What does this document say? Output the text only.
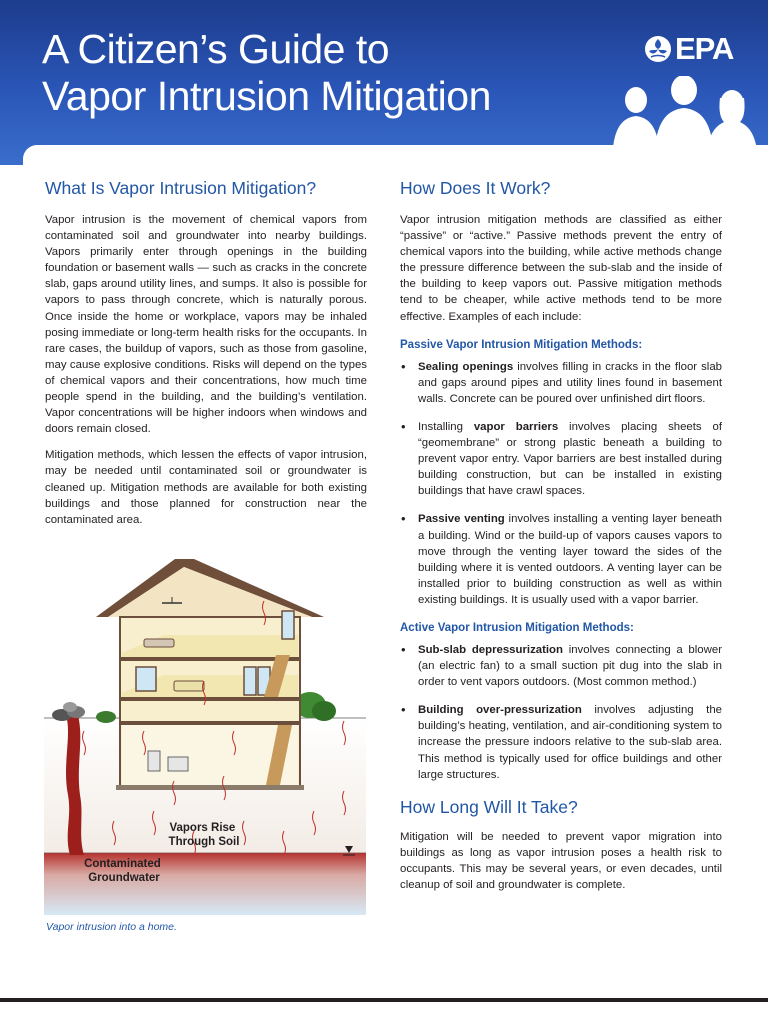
A Citizen’s Guide to
Vapor Intrusion Mitigation
EPA
What Is Vapor Intrusion Mitigation?

Vapor intrusion is the movement of chemical vapors from contaminated soil and groundwater into nearby buildings. Vapors primarily enter through openings in the building foundation or basement walls — such as cracks in the concrete slab, gaps around utility lines, and sumps. It also is possible for vapors to pass through concrete, which is naturally porous. Once inside the home or workplace, vapors may be inhaled posing immediate or long-term health risks for the occupants. In rare cases, the buildup of vapors, such as those from gasoline, may cause explosive conditions. Risks will depend on the types of chemical vapors and their concentrations, how much time people spend in the building, and the building’s ventilation. Vapor concentrations will be higher indoors when windows and doors remain closed.

Mitigation methods, which lessen the effects of vapor intrusion, may be needed until contaminated soil or groundwater is cleaned up. Mitigation methods are available for both existing buildings and those planned for construction near the contaminated area.

Vapors Rise Through Soil
Contaminated Groundwater
Vapor intrusion into a home.
How Does It Work?

Vapor intrusion mitigation methods are classified as either “passive” or “active.” Passive methods prevent the entry of chemical vapors into the building, while active methods change the pressure difference between the sub-slab and the inside of the building to keep vapors out. Passive mitigation methods tend to be cheaper, while active methods tend to be more effective. Examples of each include:

Passive Vapor Intrusion Mitigation Methods:
• Sealing openings involves filling in cracks in the floor slab and gaps around pipes and utility lines found in basement walls. Concrete can be poured over unfinished dirt floors.
• Installing vapor barriers involves placing sheets of “geomembrane” or strong plastic beneath a building to prevent vapor entry. Vapor barriers are best installed during building construction, but can be installed in existing buildings that have crawl spaces.
• Passive venting involves installing a venting layer beneath a building. Wind or the build-up of vapors causes vapors to move through the venting layer toward the sides of the building where it is vented outdoors. A venting layer can be installed prior to building construction as well as within existing buildings. It is usually used with a vapor barrier.
Active Vapor Intrusion Mitigation Methods:
• Sub-slab depressurization involves connecting a blower (an electric fan) to a small suction pit dug into the slab in order to vent vapors outdoors. (Most common method.)
• Building over-pressurization involves adjusting the building’s heating, ventilation, and air-conditioning system to increase the pressure indoors relative to the sub-slab area. This method is typically used for office buildings and other large structures.
How Long Will It Take?

Mitigation will be needed to prevent vapor migration into buildings as long as vapor intrusion poses a health risk to occupants. This may be several years, or even decades, until cleanup of soil and groundwater is complete.
